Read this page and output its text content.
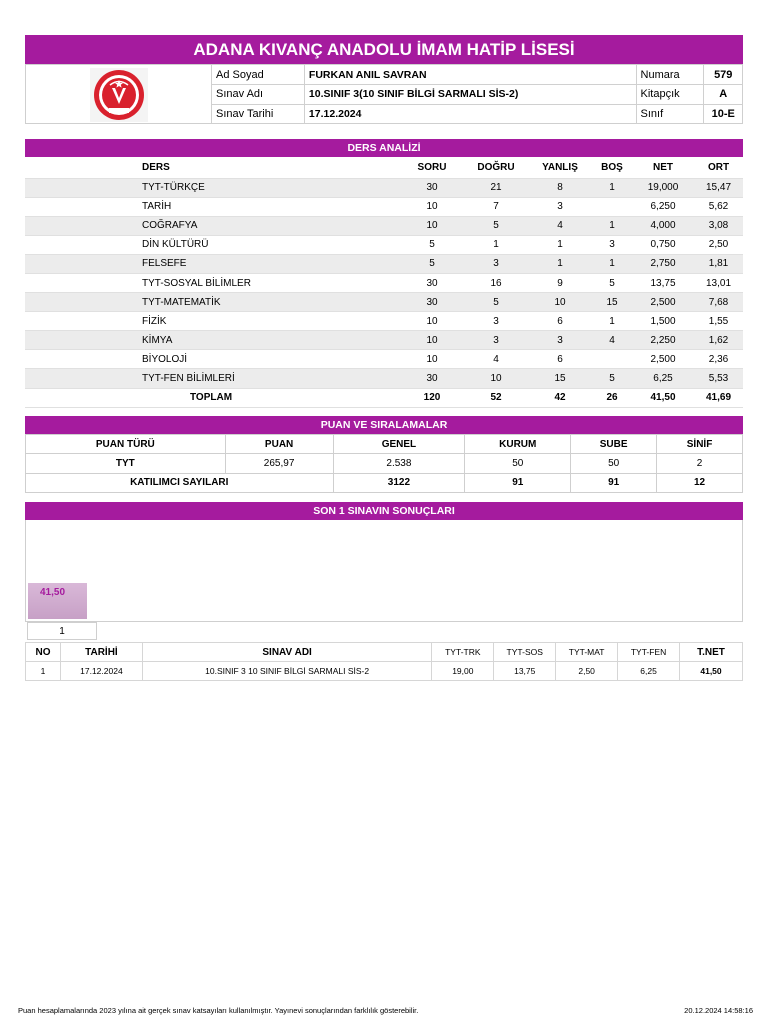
ADANA KIVANÇ ANADOLU İMAM HATİP LİSESİ
Ad Soyad	FURKAN ANIL SAVRAN	Numara	579
Sınav Adı	10.SINIF 3(10 SINIF BİLGİ SARMALI SİS-2)	Kitapçık	A
Sınav Tarihi	17.12.2024	Sınıf	10-E
DERS ANALİZİ
DERS	SORU	DOĞRU	YANLIŞ	BOŞ	NET	ORT
TYT-TÜRKÇE	30	21	8	1	19,000	15,47
TARİH	10	7	3		6,250	5,62
COĞRAFYA	10	5	4	1	4,000	3,08
DİN KÜLTÜRÜ	5	1	1	3	0,750	2,50
FELSEFE	5	3	1	1	2,750	1,81
TYT-SOSYAL BİLİMLER	30	16	9	5	13,75	13,01
TYT-MATEMATİK	30	5	10	15	2,500	7,68
FİZİK	10	3	6	1	1,500	1,55
KİMYA	10	3	3	4	2,250	1,62
BİYOLOJİ	10	4	6		2,500	2,36
TYT-FEN BİLİMLERİ	30	10	15	5	6,25	5,53
TOPLAM	120	52	42	26	41,50	41,69
PUAN VE SIRALAMALAR
PUAN TÜRÜ	PUAN	GENEL	KURUM	SUBE	SİNİF
TYT	265,97	2.538	50	50	2
KATILIMCI SAYILARI		3122	91	91	12
SON 1 SINAVIN SONUÇLARI
41,50
1
NO	TARİHİ	SINAV ADI	TYT-TRK	TYT-SOS	TYT-MAT	TYT-FEN	T.NET
1	17.12.2024	10.SINIF 3 10 SINIF BİLGİ SARMALI SİS-2	19,00	13,75	2,50	6,25	41,50
Puan hesaplamalarında 2023 yılına ait gerçek sınav katsayıları kullanılmıştır. Yayınevi sonuçlarından farklılık gösterebilir.	20.12.2024 14:58:16
